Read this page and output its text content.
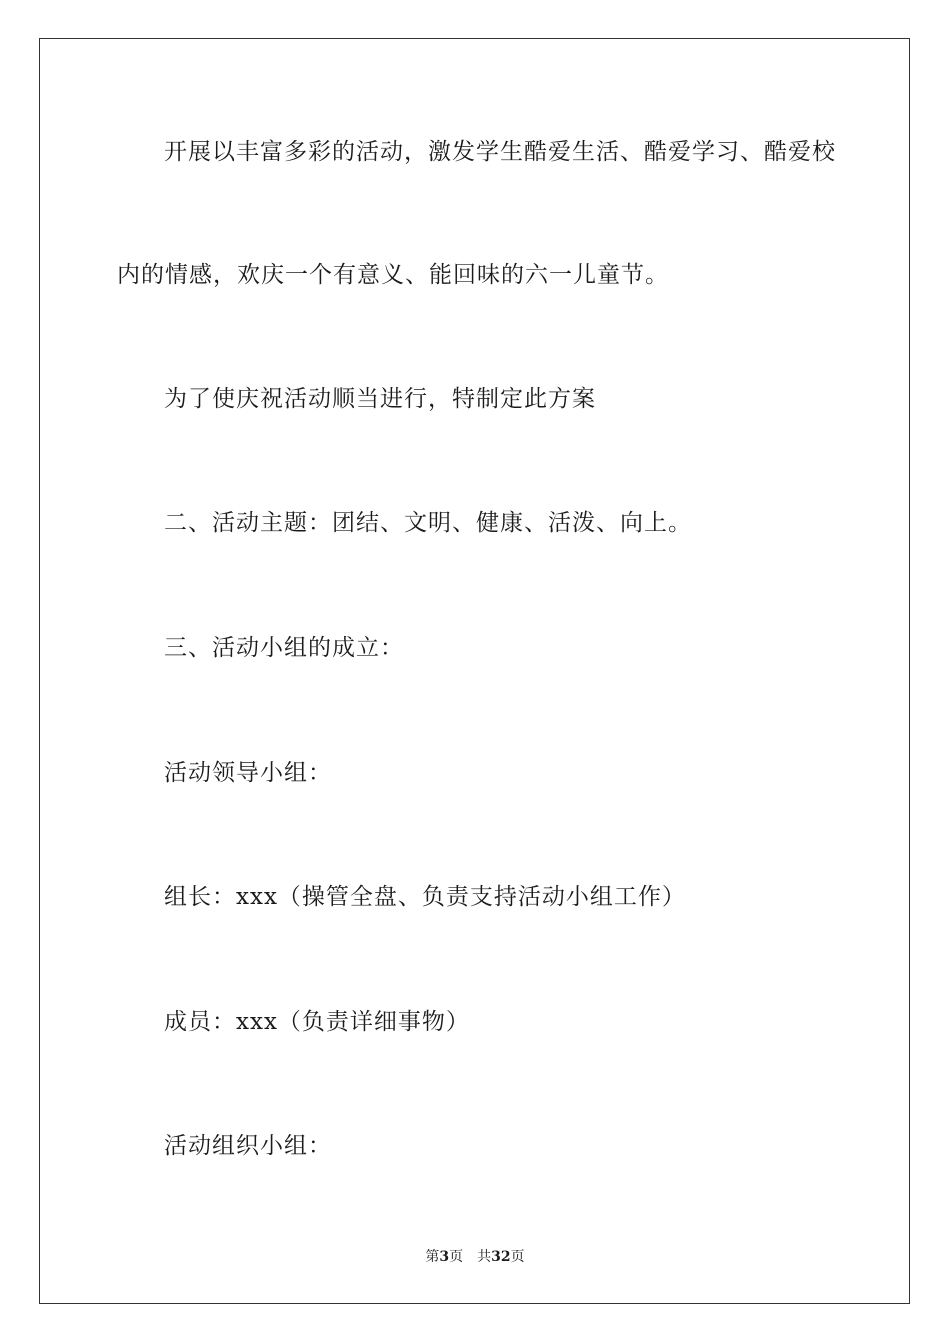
开展以丰富多彩的活动，激发学生酷爱生活、酷爱学习、酷爱校
内的情感，欢庆一个有意义、能回味的六一儿童节。
为了使庆祝活动顺当进行，特制定此方案
二、活动主题：团结、文明、健康、活泼、向上。
三、活动小组的成立：
活动领导小组：
组长：xxx（操管全盘、负责支持活动小组工作）
成员：xxx（负责详细事物）
活动组织小组：
第3页 共32页
